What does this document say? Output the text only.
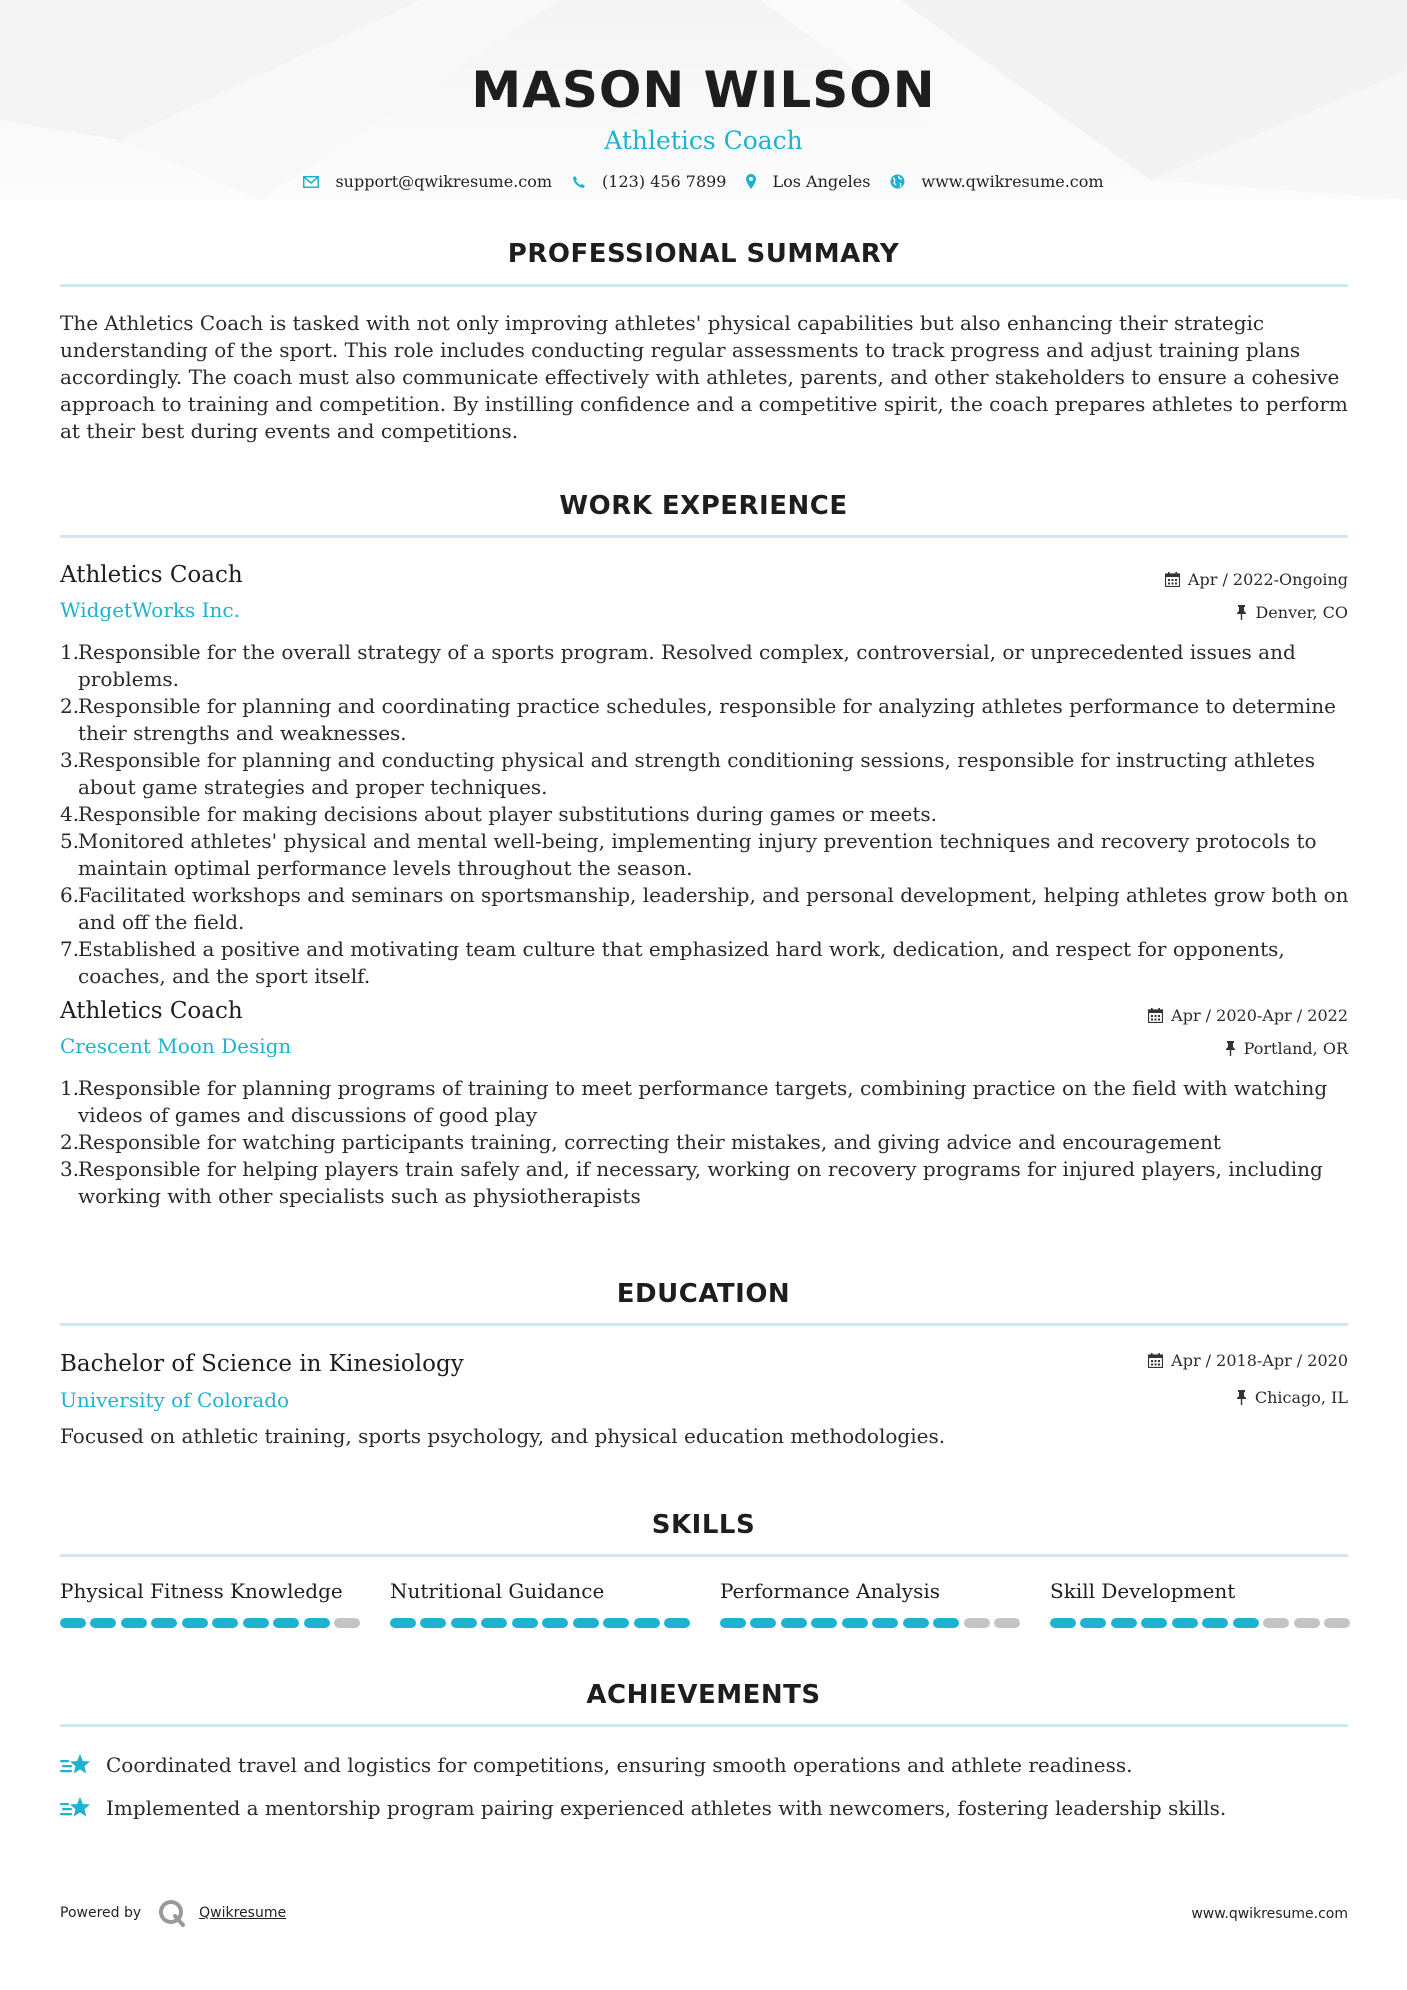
MASON WILSON
Athletics Coach
support@qwikresume.com	(123) 456 7899	Los Angeles	www.qwikresume.com
PROFESSIONAL SUMMARY
The Athletics Coach is tasked with not only improving athletes' physical capabilities but also enhancing their strategic understanding of the sport. This role includes conducting regular assessments to track progress and adjust training plans accordingly. The coach must also communicate effectively with athletes, parents, and other stakeholders to ensure a cohesive approach to training and competition. By instilling confidence and a competitive spirit, the coach prepares athletes to perform at their best during events and competitions.
WORK EXPERIENCE
Athletics Coach	Apr / 2022-Ongoing
WidgetWorks Inc.	Denver, CO
1.
Responsible for the overall strategy of a sports program. Resolved complex, controversial, or unprecedented issues and problems.
2.
Responsible for planning and coordinating practice schedules, responsible for analyzing athletes performance to determine their strengths and weaknesses.
3.
Responsible for planning and conducting physical and strength conditioning sessions, responsible for instructing athletes about game strategies and proper techniques.
4.
Responsible for making decisions about player substitutions during games or meets.
5.
Monitored athletes' physical and mental well-being, implementing injury prevention techniques and recovery protocols to maintain optimal performance levels throughout the season.
6.
Facilitated workshops and seminars on sportsmanship, leadership, and personal development, helping athletes grow both on and off the field.
7.
Established a positive and motivating team culture that emphasized hard work, dedication, and respect for opponents, coaches, and the sport itself.
Athletics Coach	Apr / 2020-Apr / 2022
Crescent Moon Design	Portland, OR
1.
Responsible for planning programs of training to meet performance targets, combining practice on the field with watching videos of games and discussions of good play
2.
Responsible for watching participants training, correcting their mistakes, and giving advice and encouragement
3.
Responsible for helping players train safely and, if necessary, working on recovery programs for injured players, including working with other specialists such as physiotherapists
EDUCATION
Bachelor of Science in Kinesiology	Apr / 2018-Apr / 2020
University of Colorado	Chicago, IL
Focused on athletic training, sports psychology, and physical education methodologies.
SKILLS
Physical Fitness Knowledge	Nutritional Guidance	Performance Analysis	Skill Development
ACHIEVEMENTS
Coordinated travel and logistics for competitions, ensuring smooth operations and athlete readiness.
Implemented a mentorship program pairing experienced athletes with newcomers, fostering leadership skills.
Powered by	Qwikresume	www.qwikresume.com
